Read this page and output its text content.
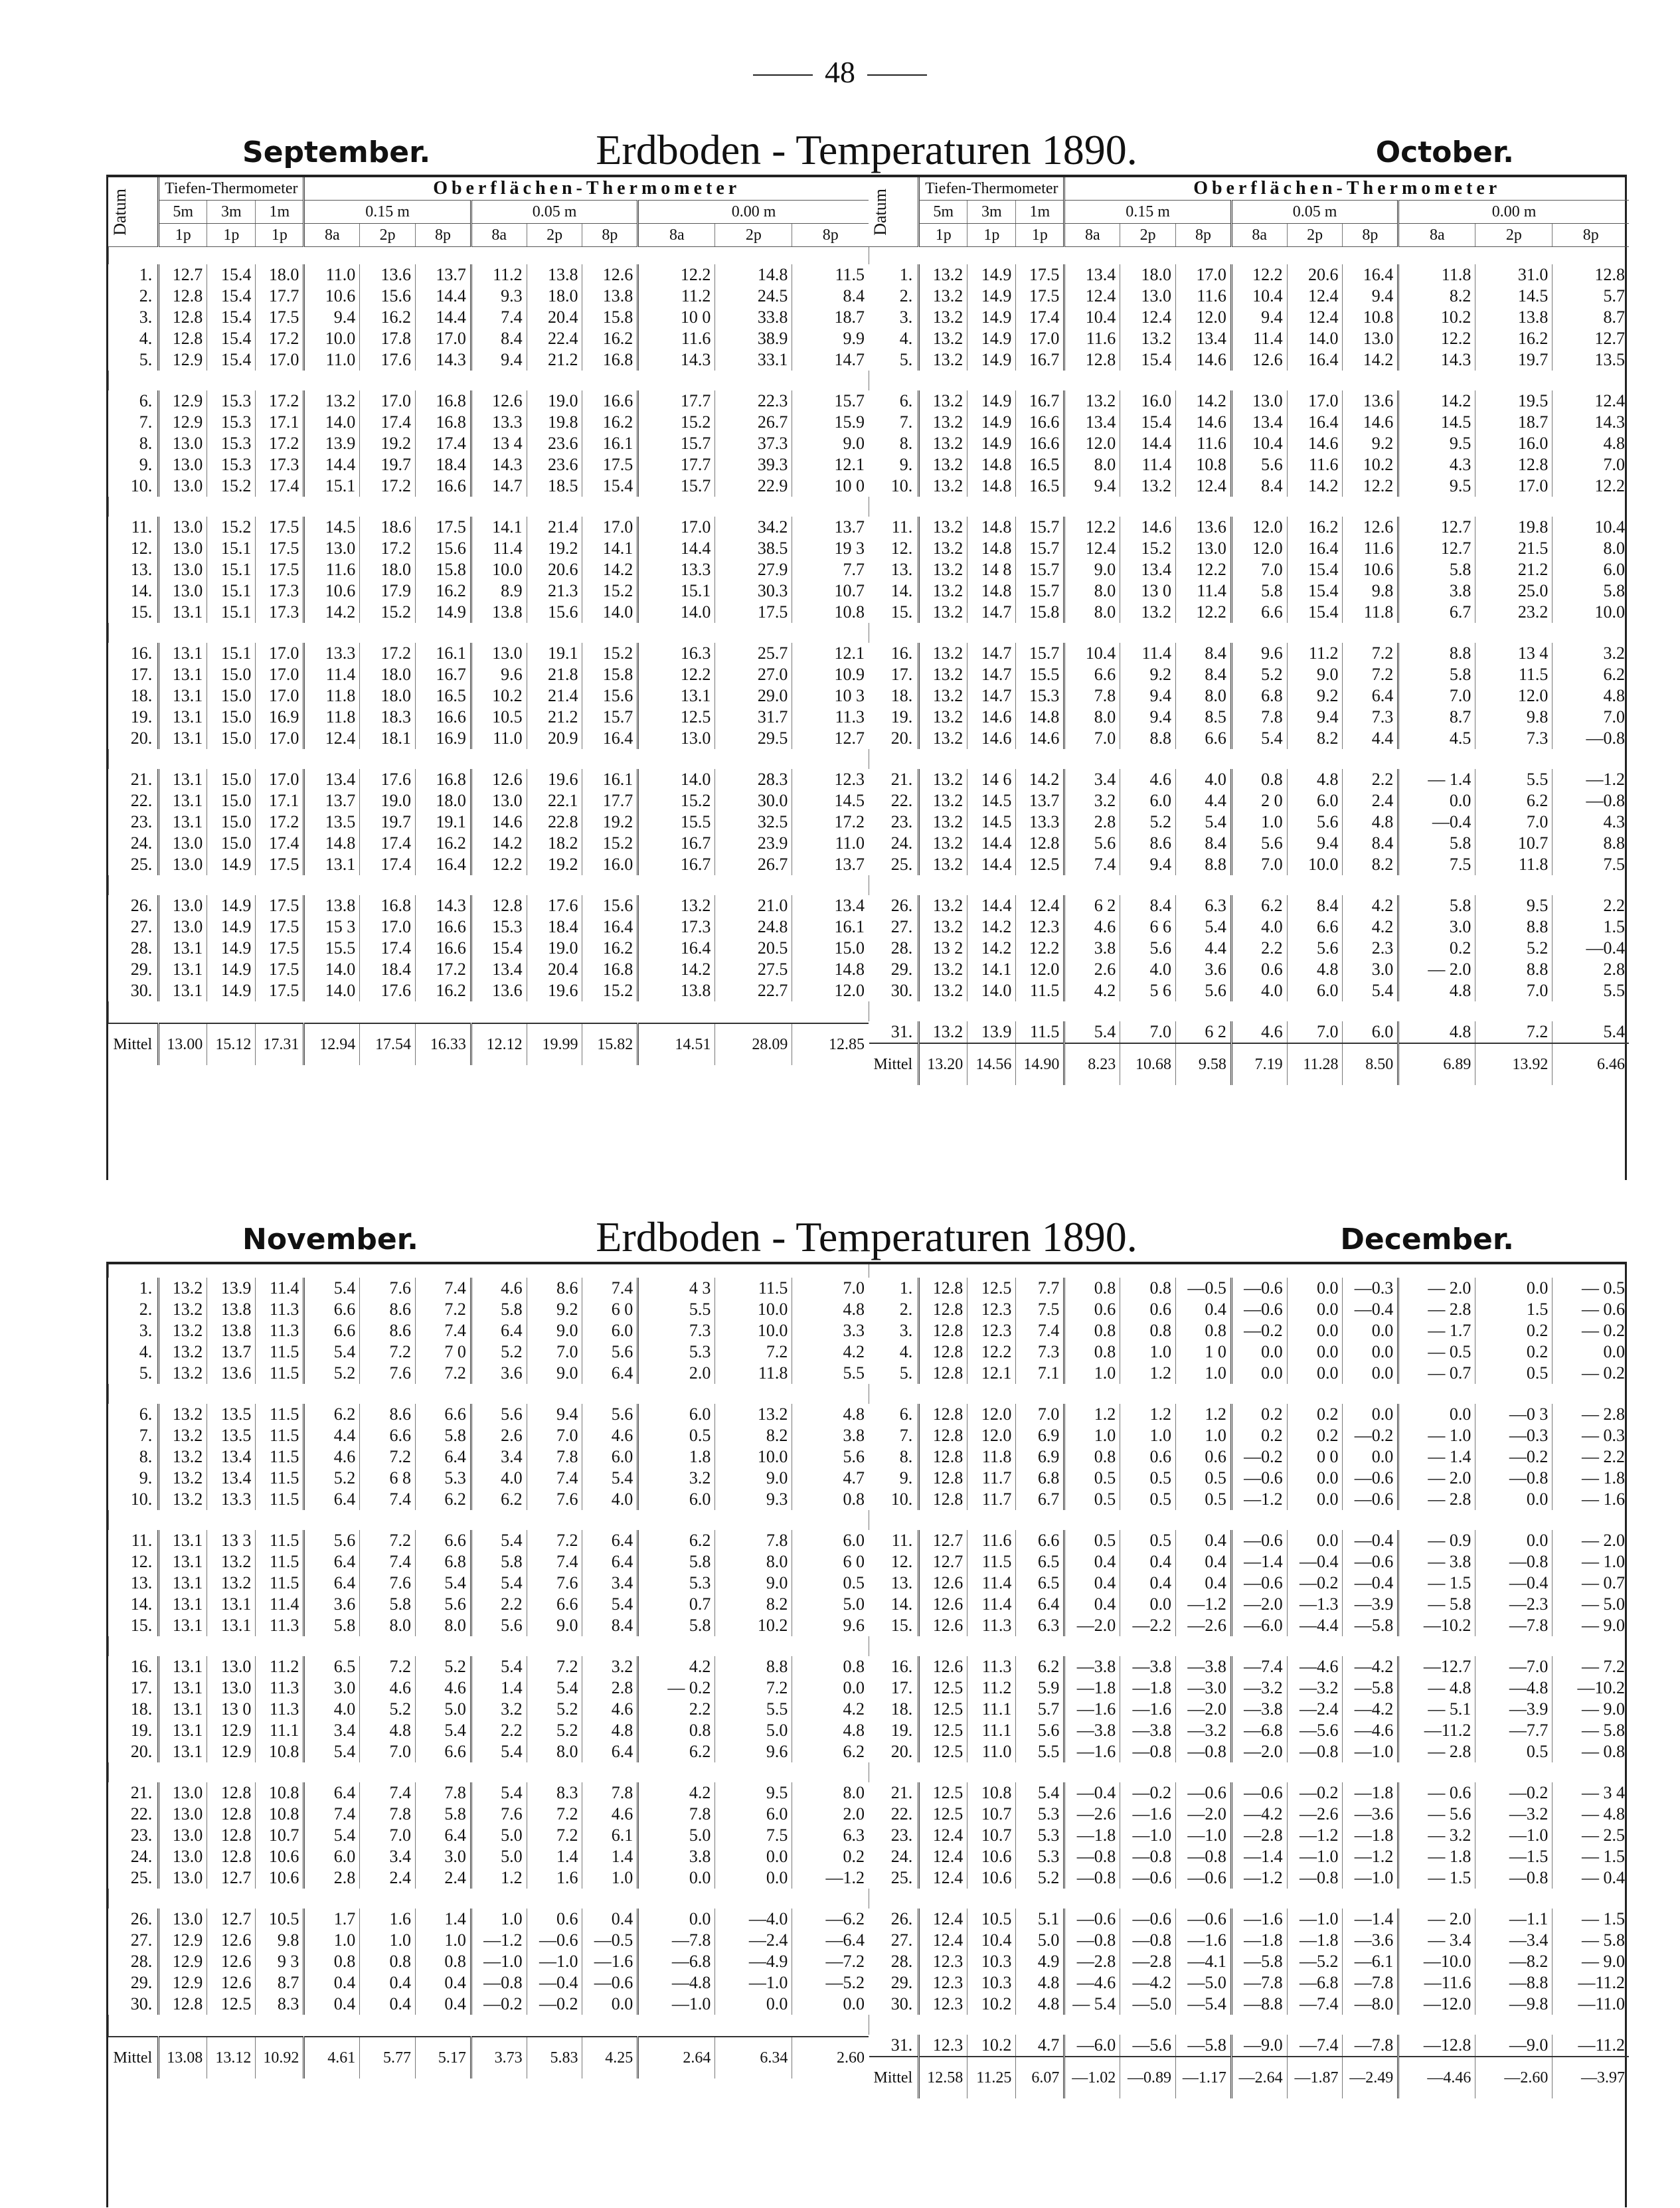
48
September.	Erdboden - Temperaturen 1890.	October.
Datum	Tiefen-Thermometer			Oberflächen-Thermometer								
	5m	3m	1m	0.15 m			0.05 m			0.00 m		
	1p	1p	1p	8a	2p	8p	8a	2p	8p	8a	2p	8p

1.	12.7	15.4	18.0	11.0	13.6	13.7	11.2	13.8	12.6	12.2	14.8	11.5
2.	12.8	15.4	17.7	10.6	15.6	14.4	9.3	18.0	13.8	11.2	24.5	8.4
3.	12.8	15.4	17.5	9.4	16.2	14.4	7.4	20.4	15.8	10 0	33.8	18.7
4.	12.8	15.4	17.2	10.0	17.8	17.0	8.4	22.4	16.2	11.6	38.9	9.9
5.	12.9	15.4	17.0	11.0	17.6	14.3	9.4	21.2	16.8	14.3	33.1	14.7

6.	12.9	15.3	17.2	13.2	17.0	16.8	12.6	19.0	16.6	17.7	22.3	15.7
7.	12.9	15.3	17.1	14.0	17.4	16.8	13.3	19.8	16.2	15.2	26.7	15.9
8.	13.0	15.3	17.2	13.9	19.2	17.4	13 4	23.6	16.1	15.7	37.3	9.0
9.	13.0	15.3	17.3	14.4	19.7	18.4	14.3	23.6	17.5	17.7	39.3	12.1
10.	13.0	15.2	17.4	15.1	17.2	16.6	14.7	18.5	15.4	15.7	22.9	10 0

11.	13.0	15.2	17.5	14.5	18.6	17.5	14.1	21.4	17.0	17.0	34.2	13.7
12.	13.0	15.1	17.5	13.0	17.2	15.6	11.4	19.2	14.1	14.4	38.5	19 3
13.	13.0	15.1	17.5	11.6	18.0	15.8	10.0	20.6	14.2	13.3	27.9	7.7
14.	13.0	15.1	17.3	10.6	17.9	16.2	8.9	21.3	15.2	15.1	30.3	10.7
15.	13.1	15.1	17.3	14.2	15.2	14.9	13.8	15.6	14.0	14.0	17.5	10.8

16.	13.1	15.1	17.0	13.3	17.2	16.1	13.0	19.1	15.2	16.3	25.7	12.1
17.	13.1	15.0	17.0	11.4	18.0	16.7	9.6	21.8	15.8	12.2	27.0	10.9
18.	13.1	15.0	17.0	11.8	18.0	16.5	10.2	21.4	15.6	13.1	29.0	10 3
19.	13.1	15.0	16.9	11.8	18.3	16.6	10.5	21.2	15.7	12.5	31.7	11.3
20.	13.1	15.0	17.0	12.4	18.1	16.9	11.0	20.9	16.4	13.0	29.5	12.7

21.	13.1	15.0	17.0	13.4	17.6	16.8	12.6	19.6	16.1	14.0	28.3	12.3
22.	13.1	15.0	17.1	13.7	19.0	18.0	13.0	22.1	17.7	15.2	30.0	14.5
23.	13.1	15.0	17.2	13.5	19.7	19.1	14.6	22.8	19.2	15.5	32.5	17.2
24.	13.0	15.0	17.4	14.8	17.4	16.2	14.2	18.2	15.2	16.7	23.9	11.0
25.	13.0	14.9	17.5	13.1	17.4	16.4	12.2	19.2	16.0	16.7	26.7	13.7

26.	13.0	14.9	17.5	13.8	16.8	14.3	12.8	17.6	15.6	13.2	21.0	13.4
27.	13.0	14.9	17.5	15 3	17.0	16.6	15.3	18.4	16.4	17.3	24.8	16.1
28.	13.1	14.9	17.5	15.5	17.4	16.6	15.4	19.0	16.2	16.4	20.5	15.0
29.	13.1	14.9	17.5	14.0	18.4	17.2	13.4	20.4	16.8	14.2	27.5	14.8
30.	13.1	14.9	17.5	14.0	17.6	16.2	13.6	19.6	15.2	13.8	22.7	12.0

Mittel	13.00	15.12	17.31	12.94	17.54	16.33	12.12	19.99	15.82	14.51	28.09	12.85
Datum	Tiefen-Thermometer			Oberflächen-Thermometer								
	5m	3m	1m	0.15 m			0.05 m			0.00 m		
	1p	1p	1p	8a	2p	8p	8a	2p	8p	8a	2p	8p

1.	13.2	14.9	17.5	13.4	18.0	17.0	12.2	20.6	16.4	11.8	31.0	12.8
2.	13.2	14.9	17.5	12.4	13.0	11.6	10.4	12.4	9.4	8.2	14.5	5.7
3.	13.2	14.9	17.4	10.4	12.4	12.0	9.4	12.4	10.8	10.2	13.8	8.7
4.	13.2	14.9	17.0	11.6	13.2	13.4	11.4	14.0	13.0	12.2	16.2	12.7
5.	13.2	14.9	16.7	12.8	15.4	14.6	12.6	16.4	14.2	14.3	19.7	13.5

6.	13.2	14.9	16.7	13.2	16.0	14.2	13.0	17.0	13.6	14.2	19.5	12.4
7.	13.2	14.9	16.6	13.4	15.4	14.6	13.4	16.4	14.6	14.5	18.7	14.3
8.	13.2	14.9	16.6	12.0	14.4	11.6	10.4	14.6	9.2	9.5	16.0	4.8
9.	13.2	14.8	16.5	8.0	11.4	10.8	5.6	11.6	10.2	4.3	12.8	7.0
10.	13.2	14.8	16.5	9.4	13.2	12.4	8.4	14.2	12.2	9.5	17.0	12.2

11.	13.2	14.8	15.7	12.2	14.6	13.6	12.0	16.2	12.6	12.7	19.8	10.4
12.	13.2	14.8	15.7	12.4	15.2	13.0	12.0	16.4	11.6	12.7	21.5	8.0
13.	13.2	14 8	15.7	9.0	13.4	12.2	7.0	15.4	10.6	5.8	21.2	6.0
14.	13.2	14.8	15.7	8.0	13 0	11.4	5.8	15.4	9.8	3.8	25.0	5.8
15.	13.2	14.7	15.8	8.0	13.2	12.2	6.6	15.4	11.8	6.7	23.2	10.0

16.	13.2	14.7	15.7	10.4	11.4	8.4	9.6	11.2	7.2	8.8	13 4	3.2
17.	13.2	14.7	15.5	6.6	9.2	8.4	5.2	9.0	7.2	5.8	11.5	6.2
18.	13.2	14.7	15.3	7.8	9.4	8.0	6.8	9.2	6.4	7.0	12.0	4.8
19.	13.2	14.6	14.8	8.0	9.4	8.5	7.8	9.4	7.3	8.7	9.8	7.0
20.	13.2	14.6	14.6	7.0	8.8	6.6	5.4	8.2	4.4	4.5	7.3	—0.8

21.	13.2	14 6	14.2	3.4	4.6	4.0	0.8	4.8	2.2	— 1.4	5.5	—1.2
22.	13.2	14.5	13.7	3.2	6.0	4.4	2 0	6.0	2.4	0.0	6.2	—0.8
23.	13.2	14.5	13.3	2.8	5.2	5.4	1.0	5.6	4.8	—0.4	7.0	4.3
24.	13.2	14.4	12.8	5.6	8.6	8.4	5.6	9.4	8.4	5.8	10.7	8.8
25.	13.2	14.4	12.5	7.4	9.4	8.8	7.0	10.0	8.2	7.5	11.8	7.5

26.	13.2	14.4	12.4	6 2	8.4	6.3	6.2	8.4	4.2	5.8	9.5	2.2
27.	13.2	14.2	12.3	4.6	6 6	5.4	4.0	6.6	4.2	3.0	8.8	1.5
28.	13 2	14.2	12.2	3.8	5.6	4.4	2.2	5.6	2.3	0.2	5.2	—0.4
29.	13.2	14.1	12.0	2.6	4.0	3.6	0.6	4.8	3.0	— 2.0	8.8	2.8
30.	13.2	14.0	11.5	4.2	5 6	5.6	4.0	6.0	5.4	4.8	7.0	5.5

31.	13.2	13.9	11.5	5.4	7.0	6 2	4.6	7.0	6.0	4.8	7.2	5.4
Mittel	13.20	14.56	14.90	8.23	10.68	9.58	7.19	11.28	8.50	6.89	13.92	6.46
November.	Erdboden - Temperaturen 1890.	December.

1.	13.2	13.9	11.4	5.4	7.6	7.4	4.6	8.6	7.4	4 3	11.5	7.0
2.	13.2	13.8	11.3	6.6	8.6	7.2	5.8	9.2	6 0	5.5	10.0	4.8
3.	13.2	13.8	11.3	6.6	8.6	7.4	6.4	9.0	6.0	7.3	10.0	3.3
4.	13.2	13.7	11.5	5.4	7.2	7 0	5.2	7.0	5.6	5.3	7.2	4.2
5.	13.2	13.6	11.5	5.2	7.6	7.2	3.6	9.0	6.4	2.0	11.8	5.5

6.	13.2	13.5	11.5	6.2	8.6	6.6	5.6	9.4	5.6	6.0	13.2	4.8
7.	13.2	13.5	11.5	4.4	6.6	5.8	2.6	7.0	4.6	0.5	8.2	3.8
8.	13.2	13.4	11.5	4.6	7.2	6.4	3.4	7.8	6.0	1.8	10.0	5.6
9.	13.2	13.4	11.5	5.2	6 8	5.3	4.0	7.4	5.4	3.2	9.0	4.7
10.	13.2	13.3	11.5	6.4	7.4	6.2	6.2	7.6	4.0	6.0	9.3	0.8

11.	13.1	13 3	11.5	5.6	7.2	6.6	5.4	7.2	6.4	6.2	7.8	6.0
12.	13.1	13.2	11.5	6.4	7.4	6.8	5.8	7.4	6.4	5.8	8.0	6 0
13.	13.1	13.2	11.5	6.4	7.6	5.4	5.4	7.6	3.4	5.3	9.0	0.5
14.	13.1	13.1	11.4	3.6	5.8	5.6	2.2	6.6	5.4	0.7	8.2	5.0
15.	13.1	13.1	11.3	5.8	8.0	8.0	5.6	9.0	8.4	5.8	10.2	9.6

16.	13.1	13.0	11.2	6.5	7.2	5.2	5.4	7.2	3.2	4.2	8.8	0.8
17.	13.1	13.0	11.3	3.0	4.6	4.6	1.4	5.4	2.8	— 0.2	7.2	0.0
18.	13.1	13 0	11.3	4.0	5.2	5.0	3.2	5.2	4.6	2.2	5.5	4.2
19.	13.1	12.9	11.1	3.4	4.8	5.4	2.2	5.2	4.8	0.8	5.0	4.8
20.	13.1	12.9	10.8	5.4	7.0	6.6	5.4	8.0	6.4	6.2	9.6	6.2

21.	13.0	12.8	10.8	6.4	7.4	7.8	5.4	8.3	7.8	4.2	9.5	8.0
22.	13.0	12.8	10.8	7.4	7.8	5.8	7.6	7.2	4.6	7.8	6.0	2.0
23.	13.0	12.8	10.7	5.4	7.0	6.4	5.0	7.2	6.1	5.0	7.5	6.3
24.	13.0	12.8	10.6	6.0	3.4	3.0	5.0	1.4	1.4	3.8	0.0	0.2
25.	13.0	12.7	10.6	2.8	2.4	2.4	1.2	1.6	1.0	0.0	0.0	—1.2

26.	13.0	12.7	10.5	1.7	1.6	1.4	1.0	0.6	0.4	0.0	—4.0	—6.2
27.	12.9	12.6	9.8	1.0	1.0	1.0	—1.2	—0.6	—0.5	—7.8	—2.4	—6.4
28.	12.9	12.6	9 3	0.8	0.8	0.8	—1.0	—1.0	—1.6	—6.8	—4.9	—7.2
29.	12.9	12.6	8.7	0.4	0.4	0.4	—0.8	—0.4	—0.6	—4.8	—1.0	—5.2
30.	12.8	12.5	8.3	0.4	0.4	0.4	—0.2	—0.2	0.0	—1.0	0.0	0.0

Mittel	13.08	13.12	10.92	4.61	5.77	5.17	3.73	5.83	4.25	2.64	6.34	2.60

1.	12.8	12.5	7.7	0.8	0.8	—0.5	—0.6	0.0	—0.3	— 2.0	0.0	— 0.5
2.	12.8	12.3	7.5	0.6	0.6	0.4	—0.6	0.0	—0.4	— 2.8	1.5	— 0.6
3.	12.8	12.3	7.4	0.8	0.8	0.8	—0.2	0.0	0.0	— 1.7	0.2	— 0.2
4.	12.8	12.2	7.3	0.8	1.0	1 0	0.0	0.0	0.0	— 0.5	0.2	0.0
5.	12.8	12.1	7.1	1.0	1.2	1.0	0.0	0.0	0.0	— 0.7	0.5	— 0.2

6.	12.8	12.0	7.0	1.2	1.2	1.2	0.2	0.2	0.0	0.0	—0 3	— 2.8
7.	12.8	12.0	6.9	1.0	1.0	1.0	0.2	0.2	—0.2	— 1.0	—0.3	— 0.3
8.	12.8	11.8	6.9	0.8	0.6	0.6	—0.2	0 0	0.0	— 1.4	—0.2	— 2.2
9.	12.8	11.7	6.8	0.5	0.5	0.5	—0.6	0.0	—0.6	— 2.0	—0.8	— 1.8
10.	12.8	11.7	6.7	0.5	0.5	0.5	—1.2	0.0	—0.6	— 2.8	0.0	— 1.6

11.	12.7	11.6	6.6	0.5	0.5	0.4	—0.6	0.0	—0.4	— 0.9	0.0	— 2.0
12.	12.7	11.5	6.5	0.4	0.4	0.4	—1.4	—0.4	—0.6	— 3.8	—0.8	— 1.0
13.	12.6	11.4	6.5	0.4	0.4	0.4	—0.6	—0.2	—0.4	— 1.5	—0.4	— 0.7
14.	12.6	11.4	6.4	0.4	0.0	—1.2	—2.0	—1.3	—3.9	— 5.8	—2.3	— 5.0
15.	12.6	11.3	6.3	—2.0	—2.2	—2.6	—6.0	—4.4	—5.8	—10.2	—7.8	— 9.0

16.	12.6	11.3	6.2	—3.8	—3.8	—3.8	—7.4	—4.6	—4.2	—12.7	—7.0	— 7.2
17.	12.5	11.2	5.9	—1.8	—1.8	—3.0	—3.2	—3.2	—5.8	— 4.8	—4.8	—10.2
18.	12.5	11.1	5.7	—1.6	—1.6	—2.0	—3.8	—2.4	—4.2	— 5.1	—3.9	— 9.0
19.	12.5	11.1	5.6	—3.8	—3.8	—3.2	—6.8	—5.6	—4.6	—11.2	—7.7	— 5.8
20.	12.5	11.0	5.5	—1.6	—0.8	—0.8	—2.0	—0.8	—1.0	— 2.8	0.5	— 0.8

21.	12.5	10.8	5.4	—0.4	—0.2	—0.6	—0.6	—0.2	—1.8	— 0.6	—0.2	— 3 4
22.	12.5	10.7	5.3	—2.6	—1.6	—2.0	—4.2	—2.6	—3.6	— 5.6	—3.2	— 4.8
23.	12.4	10.7	5.3	—1.8	—1.0	—1.0	—2.8	—1.2	—1.8	— 3.2	—1.0	— 2.5
24.	12.4	10.6	5.3	—0.8	—0.8	—0.8	—1.4	—1.0	—1.2	— 1.8	—1.5	— 1.5
25.	12.4	10.6	5.2	—0.8	—0.6	—0.6	—1.2	—0.8	—1.0	— 1.5	—0.8	— 0.4

26.	12.4	10.5	5.1	—0.6	—0.6	—0.6	—1.6	—1.0	—1.4	— 2.0	—1.1	— 1.5
27.	12.4	10.4	5.0	—0.8	—0.8	—1.6	—1.8	—1.8	—3.6	— 3.4	—3.4	— 5.8
28.	12.3	10.3	4.9	—2.8	—2.8	—4.1	—5.8	—5.2	—6.1	—10.0	—8.2	— 9.0
29.	12.3	10.3	4.8	—4.6	—4.2	—5.0	—7.8	—6.8	—7.8	—11.6	—8.8	—11.2
30.	12.3	10.2	4.8	— 5.4	—5.0	—5.4	—8.8	—7.4	—8.0	—12.0	—9.8	—11.0

31.	12.3	10.2	4.7	—6.0	—5.6	—5.8	—9.0	—7.4	—7.8	—12.8	—9.0	—11.2
Mittel	12.58	11.25	6.07	—1.02	—0.89	—1.17	—2.64	—1.87	—2.49	—4.46	—2.60	—3.97
